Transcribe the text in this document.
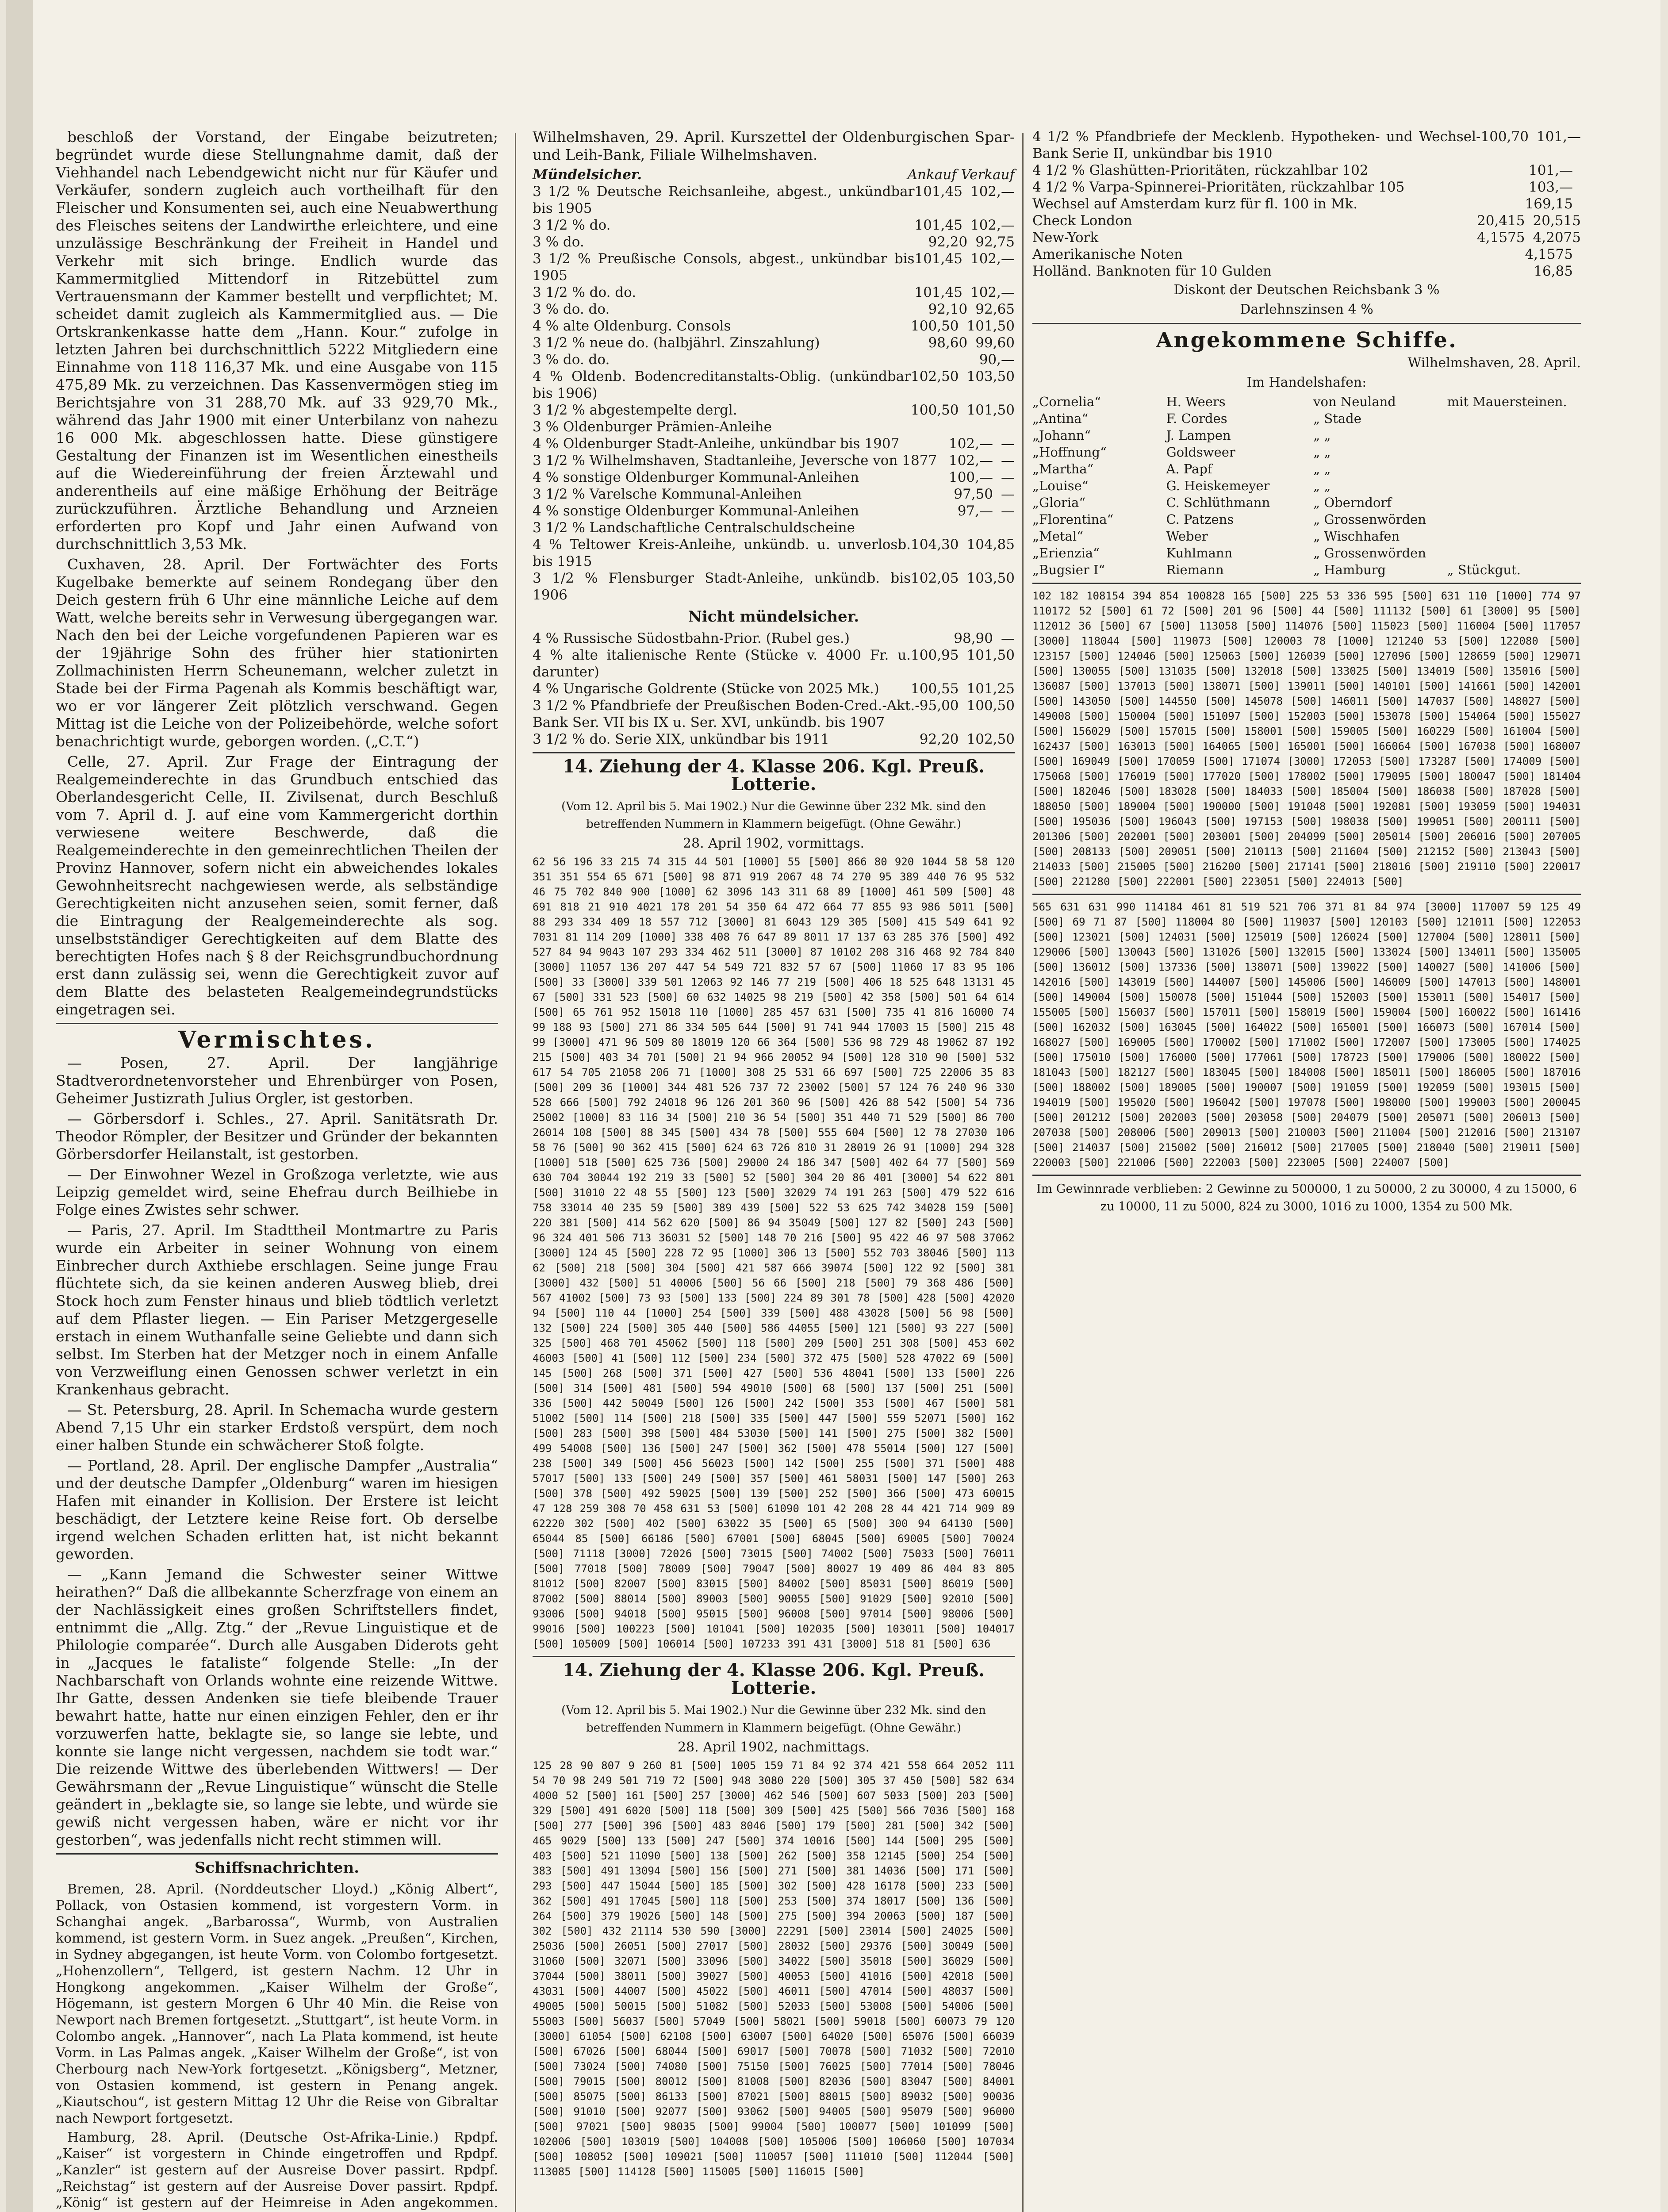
beschloß der Vorstand, der Eingabe beizutreten; begründet wurde diese Stellungnahme damit, daß der Viehhandel nach Lebendgewicht nicht nur für Käufer und Verkäufer, sondern zugleich auch vortheilhaft für den Fleischer und Konsumenten sei, auch eine Neuabwerthung des Fleisches seitens der Landwirthe erleichtere, und eine unzulässige Beschränkung der Freiheit in Handel und Verkehr mit sich bringe. Endlich wurde das Kammermitglied Mittendorf in Ritzebüttel zum Vertrauensmann der Kammer bestellt und verpflichtet; M. scheidet damit zugleich als Kammermitglied aus. — Die Ortskrankenkasse hatte dem „Hann. Kour.“ zufolge in letzten Jahren bei durchschnittlich 5222 Mitgliedern eine Einnahme von 118 116,37 Mk. und eine Ausgabe von 115 475,89 Mk. zu verzeichnen. Das Kassenvermögen stieg im Berichtsjahre von 31 288,70 Mk. auf 33 929,70 Mk., während das Jahr 1900 mit einer Unterbilanz von nahezu 16 000 Mk. abgeschlossen hatte. Diese günstigere Gestaltung der Finanzen ist im Wesentlichen einestheils auf die Wiedereinführung der freien Ärztewahl und anderentheils auf eine mäßige Erhöhung der Beiträge zurückzuführen. Ärztliche Behandlung und Arzneien erforderten pro Kopf und Jahr einen Aufwand von durchschnittlich 3,53 Mk.

Cuxhaven, 28. April. Der Fortwächter des Forts Kugelbake bemerkte auf seinem Rondegang über den Deich gestern früh 6 Uhr eine männliche Leiche auf dem Watt, welche bereits sehr in Verwesung übergegangen war. Nach den bei der Leiche vorgefundenen Papieren war es der 19jährige Sohn des früher hier stationirten Zollmachinisten Herrn Scheunemann, welcher zuletzt in Stade bei der Firma Pagenah als Kommis beschäftigt war, wo er vor längerer Zeit plötzlich verschwand. Gegen Mittag ist die Leiche von der Polizeibehörde, welche sofort benachrichtigt wurde, geborgen worden. („C.T.“)

Celle, 27. April. Zur Frage der Eintragung der Realgemeinderechte in das Grundbuch entschied das Oberlandesgericht Celle, II. Zivilsenat, durch Beschluß vom 7. April d. J. auf eine vom Kammergericht dorthin verwiesene weitere Beschwerde, daß die Realgemeinderechte in den gemeinrechtlichen Theilen der Provinz Hannover, sofern nicht ein abweichendes lokales Gewohnheitsrecht nachgewiesen werde, als selbständige Gerechtigkeiten nicht anzusehen seien, somit ferner, daß die Eintragung der Realgemeinderechte als sog. unselbstständiger Gerechtigkeiten auf dem Blatte des berechtigten Hofes nach § 8 der Reichsgrundbuchordnung erst dann zulässig sei, wenn die Gerechtigkeit zuvor auf dem Blatte des belasteten Realgemeindegrundstücks eingetragen sei.

Vermischtes.

— Posen, 27. April. Der langjährige Stadtverordnetenvorsteher und Ehrenbürger von Posen, Geheimer Justizrath Julius Orgler, ist gestorben.

— Görbersdorf i. Schles., 27. April. Sanitätsrath Dr. Theodor Römpler, der Besitzer und Gründer der bekannten Görbersdorfer Heilanstalt, ist gestorben.

— Der Einwohner Wezel in Großzoga verletzte, wie aus Leipzig gemeldet wird, seine Ehefrau durch Beilhiebe in Folge eines Zwistes sehr schwer.

— Paris, 27. April. Im Stadttheil Montmartre zu Paris wurde ein Arbeiter in seiner Wohnung von einem Einbrecher durch Axthiebe erschlagen. Seine junge Frau flüchtete sich, da sie keinen anderen Ausweg blieb, drei Stock hoch zum Fenster hinaus und blieb tödtlich verletzt auf dem Pflaster liegen. — Ein Pariser Metzgergeselle erstach in einem Wuthanfalle seine Geliebte und dann sich selbst. Im Sterben hat der Metzger noch in einem Anfalle von Verzweiflung einen Genossen schwer verletzt in ein Krankenhaus gebracht.

— St. Petersburg, 28. April. In Schemacha wurde gestern Abend 7,15 Uhr ein starker Erdstoß verspürt, dem noch einer halben Stunde ein schwächerer Stoß folgte.

— Portland, 28. April. Der englische Dampfer „Australia“ und der deutsche Dampfer „Oldenburg“ waren im hiesigen Hafen mit einander in Kollision. Der Erstere ist leicht beschädigt, der Letztere keine Reise fort. Ob derselbe irgend welchen Schaden erlitten hat, ist nicht bekannt geworden.

— „Kann Jemand die Schwester seiner Wittwe heirathen?“ Daß die allbekannte Scherzfrage von einem an der Nachlässigkeit eines großen Schriftstellers findet, entnimmt die „Allg. Ztg.“ der „Revue Linguistique et de Philologie comparée“. Durch alle Ausgaben Diderots geht in „Jacques le fataliste“ folgende Stelle: „In der Nachbarschaft von Orlands wohnte eine reizende Wittwe. Ihr Gatte, dessen Andenken sie tiefe bleibende Trauer bewahrt hatte, hatte nur einen einzigen Fehler, den er ihr vorzuwerfen hatte, beklagte sie, so lange sie lebte, und konnte sie lange nicht vergessen, nachdem sie todt war.“ Die reizende Wittwe des überlebenden Wittwers! — Der Gewährsmann der „Revue Linguistique“ wünscht die Stelle geändert in „beklagte sie, so lange sie lebte, und würde sie gewiß nicht vergessen haben, wäre er nicht vor ihr gestorben“, was jedenfalls nicht recht stimmen will.

Schiffsnachrichten.

Bremen, 28. April. (Norddeutscher Lloyd.) „König Albert“, Pollack, von Ostasien kommend, ist vorgestern Vorm. in Schanghai angek. „Barbarossa“, Wurmb, von Australien kommend, ist gestern Vorm. in Suez angek. „Preußen“, Kirchen, in Sydney abgegangen, ist heute Vorm. von Colombo fortgesetzt. „Hohenzollern“, Tellgerd, ist gestern Nachm. 12 Uhr in Hongkong angekommen. „Kaiser Wilhelm der Große“, Högemann, ist gestern Morgen 6 Uhr 40 Min. die Reise von Newport nach Bremen fortgesetzt. „Stuttgart“, ist heute Vorm. in Colombo angek. „Hannover“, nach La Plata kommend, ist heute Vorm. in Las Palmas angek. „Kaiser Wilhelm der Große“, ist von Cherbourg nach New-York fortgesetzt. „Königsberg“, Metzner, von Ostasien kommend, ist gestern in Penang angek. „Kiautschou“, ist gestern Mittag 12 Uhr die Reise von Gibraltar nach Newport fortgesetzt.

Hamburg, 28. April. (Deutsche Ost-Afrika-Linie.) Rpdpf. „Kaiser“ ist vorgestern in Chinde eingetroffen und Rpdpf. „Kanzler“ ist gestern auf der Ausreise Dover passirt. Rpdpf. „Reichstag“ ist gestern auf der Ausreise Dover passirt. Rpdpf. „König“ ist gestern auf der Heimreise in Aden angekommen.

Wilhelmshaven, 29. April. Kurszettel der Oldenburgischen Spar- und Leih-Bank, Filiale Wilhelmshaven.

Mündelsicher.	Ankauf Verkauf
3 1/2 % Deutsche Reichsanleihe, abgest., unkündbar bis 1905
101,45 102,—
3 1/2 % do.	101,45 102,—
3 % do.	92,20 92,75
3 1/2 % Preußische Consols, abgest., unkündbar bis 1905
101,45 102,—
3 1/2 % do. do.	101,45 102,—
3 % do. do.	92,10 92,65
4 % alte Oldenburg. Consols	100,50 101,50
3 1/2 % neue do. (halbjährl. Zinszahlung)	98,60 99,60
3 % do. do.	90,—
4 % Oldenb. Bodencreditanstalts-Oblig. (unkündbar bis 1906)
102,50 103,50
3 1/2 % abgestempelte dergl.	100,50 101,50
3 % Oldenburger Prämien-Anleihe
4 % Oldenburger Stadt-Anleihe, unkündbar bis 1907	102,— —
3 1/2 % Wilhelmshaven, Stadtanleihe, Jeversche von 1877 102,— —
4 % sonstige Oldenburger Kommunal-Anleihen	100,— —
3 1/2 % Varelsche Kommunal-Anleihen	97,50 —
4 % sonstige Oldenburger Kommunal-Anleihen	97,— —
3 1/2 % Landschaftliche Centralschuldscheine
4 % Teltower Kreis-Anleihe, unkündb. u. unverlosb. bis 1915
104,30 104,85
3 1/2 % Flensburger Stadt-Anleihe, unkündb. bis 1906
102,05 103,50
Nicht mündelsicher.
4 % Russische Südostbahn-Prior. (Rubel ges.)	98,90 —
4 % alte italienische Rente (Stücke v. 4000 Fr. u. darunter)
100,95 101,50
4 % Ungarische Goldrente (Stücke von 2025 Mk.) 100,55 101,25
3 1/2 % Pfandbriefe der Preußischen Boden-Cred.-Akt.-Bank Ser. VII bis IX u. Ser. XVI, unkündb. bis 1907
95,00 100,50
3 1/2 % do. Serie XIX, unkündbar bis 1911	92,20 102,50
14. Ziehung der 4. Klasse 206. Kgl. Preuß. Lotterie.
(Vom 12. April bis 5. Mai 1902.) Nur die Gewinne über 232 Mk. sind den betreffenden Nummern in Klammern beigefügt. (Ohne Gewähr.)
28. April 1902, vormittags.
62 56 196 33 215 74 315 44 501 [1000] 55 [500] 866 80 920 1044 58 58 120 351 351 554 65 671 [500] 98 871 919 2067 48 74 270 95 389 440 76 95 532 46 75 702 840 900 [1000] 62 3096 143 311 68 89 [1000] 461 509 [500] 48 691 818 21 910 4021 178 201 54 350 64 472 664 77 855 93 986 5011 [500] 88 293 334 409 18 557 712 [3000] 81 6043 129 305 [500] 415 549 641 92 7031 81 114 209 [1000] 338 408 76 647 89 8011 17 137 63 285 376 [500] 492 527 84 94 9043 107 293 334 462 511 [3000] 87 10102 208 316 468 92 784 840 [3000] 11057 136 207 447 54 549 721 832 57 67 [500] 11060 17 83 95 106 [500] 33 [3000] 339 501 12063 92 146 77 219 [500] 406 18 525 648 13131 45 67 [500] 331 523 [500] 60 632 14025 98 219 [500] 42 358 [500] 501 64 614 [500] 65 761 952 15018 110 [1000] 285 457 631 [500] 735 41 816 16000 74 99 188 93 [500] 271 86 334 505 644 [500] 91 741 944 17003 15 [500] 215 48 99 [3000] 471 96 509 80 18019 120 66 364 [500] 536 98 729 48 19062 87 192 215 [500] 403 34 701 [500] 21 94 966 20052 94 [500] 128 310 90 [500] 532 617 54 705 21058 206 71 [1000] 308 25 531 66 697 [500] 725 22006 35 83 [500] 209 36 [1000] 344 481 526 737 72 23002 [500] 57 124 76 240 96 330 528 666 [500] 792 24018 96 126 201 360 96 [500] 426 88 542 [500] 54 736 25002 [1000] 83 116 34 [500] 210 36 54 [500] 351 440 71 529 [500] 86 700 26014 108 [500] 88 345 [500] 434 78 [500] 555 604 [500] 12 78 27030 106 58 76 [500] 90 362 415 [500] 624 63 726 810 31 28019 26 91 [1000] 294 328 [1000] 518 [500] 625 736 [500] 29000 24 186 347 [500] 402 64 77 [500] 569 630 704 30044 192 219 33 [500] 52 [500] 304 20 86 401 [3000] 54 622 801 [500] 31010 22 48 55 [500] 123 [500] 32029 74 191 263 [500] 479 522 616 758 33014 40 235 59 [500] 389 439 [500] 522 53 625 742 34028 159 [500] 220 381 [500] 414 562 620 [500] 86 94 35049 [500] 127 82 [500] 243 [500] 96 324 401 506 713 36031 52 [500] 148 70 216 [500] 95 422 46 97 508 37062 [3000] 124 45 [500] 228 72 95 [1000] 306 13 [500] 552 703 38046 [500] 113 62 [500] 218 [500] 304 [500] 421 587 666 39074 [500] 122 92 [500] 381 [3000] 432 [500] 51 40006 [500] 56 66 [500] 218 [500] 79 368 486 [500] 567 41002 [500] 73 93 [500] 133 [500] 224 89 301 78 [500] 428 [500] 42020 94 [500] 110 44 [1000] 254 [500] 339 [500] 488 43028 [500] 56 98 [500] 132 [500] 224 [500] 305 440 [500] 586 44055 [500] 121 [500] 93 227 [500] 325 [500] 468 701 45062 [500] 118 [500] 209 [500] 251 308 [500] 453 602 46003 [500] 41 [500] 112 [500] 234 [500] 372 475 [500] 528 47022 69 [500] 145 [500] 268 [500] 371 [500] 427 [500] 536 48041 [500] 133 [500] 226 [500] 314 [500] 481 [500] 594 49010 [500] 68 [500] 137 [500] 251 [500] 336 [500] 442 50049 [500] 126 [500] 242 [500] 353 [500] 467 [500] 581 51002 [500] 114 [500] 218 [500] 335 [500] 447 [500] 559 52071 [500] 162 [500] 283 [500] 398 [500] 484 53030 [500] 141 [500] 275 [500] 382 [500] 499 54008 [500] 136 [500] 247 [500] 362 [500] 478 55014 [500] 127 [500] 238 [500] 349 [500] 456 56023 [500] 142 [500] 255 [500] 371 [500] 488 57017 [500] 133 [500] 249 [500] 357 [500] 461 58031 [500] 147 [500] 263 [500] 378 [500] 492 59025 [500] 139 [500] 252 [500] 366 [500] 473 60015 47 128 259 308 70 458 631 53 [500] 61090 101 42 208 28 44 421 714 909 89 62220 302 [500] 402 [500] 63022 35 [500] 65 [500] 300 94 64130 [500] 65044 85 [500] 66186 [500] 67001 [500] 68045 [500] 69005 [500] 70024 [500] 71118 [3000] 72026 [500] 73015 [500] 74002 [500] 75033 [500] 76011 [500] 77018 [500] 78009 [500] 79047 [500] 80027 19 409 86 404 83 805 81012 [500] 82007 [500] 83015 [500] 84002 [500] 85031 [500] 86019 [500] 87002 [500] 88014 [500] 89003 [500] 90055 [500] 91029 [500] 92010 [500] 93006 [500] 94018 [500] 95015 [500] 96008 [500] 97014 [500] 98006 [500] 99016 [500] 100223 [500] 101041 [500] 102035 [500] 103011 [500] 104017 [500] 105009 [500] 106014 [500] 107233 391 431 [3000] 518 81 [500] 636
14. Ziehung der 4. Klasse 206. Kgl. Preuß. Lotterie.
(Vom 12. April bis 5. Mai 1902.) Nur die Gewinne über 232 Mk. sind den betreffenden Nummern in Klammern beigefügt. (Ohne Gewähr.)
28. April 1902, nachmittags.
125 28 90 807 9 260 81 [500] 1005 159 71 84 92 374 421 558 664 2052 111 54 70 98 249 501 719 72 [500] 948 3080 220 [500] 305 37 450 [500] 582 634 4000 52 [500] 161 [500] 257 [3000] 462 546 [500] 607 5033 [500] 203 [500] 329 [500] 491 6020 [500] 118 [500] 309 [500] 425 [500] 566 7036 [500] 168 [500] 277 [500] 396 [500] 483 8046 [500] 179 [500] 281 [500] 342 [500] 465 9029 [500] 133 [500] 247 [500] 374 10016 [500] 144 [500] 295 [500] 403 [500] 521 11090 [500] 138 [500] 262 [500] 358 12145 [500] 254 [500] 383 [500] 491 13094 [500] 156 [500] 271 [500] 381 14036 [500] 171 [500] 293 [500] 447 15044 [500] 185 [500] 302 [500] 428 16178 [500] 233 [500] 362 [500] 491 17045 [500] 118 [500] 253 [500] 374 18017 [500] 136 [500] 264 [500] 379 19026 [500] 148 [500] 275 [500] 394 20063 [500] 187 [500] 302 [500] 432 21114 530 590 [3000] 22291 [500] 23014 [500] 24025 [500] 25036 [500] 26051 [500] 27017 [500] 28032 [500] 29376 [500] 30049 [500] 31060 [500] 32071 [500] 33096 [500] 34022 [500] 35018 [500] 36029 [500] 37044 [500] 38011 [500] 39027 [500] 40053 [500] 41016 [500] 42018 [500] 43031 [500] 44007 [500] 45022 [500] 46011 [500] 47014 [500] 48037 [500] 49005 [500] 50015 [500] 51082 [500] 52033 [500] 53008 [500] 54006 [500] 55003 [500] 56037 [500] 57049 [500] 58021 [500] 59018 [500] 60073 79 120 [3000] 61054 [500] 62108 [500] 63007 [500] 64020 [500] 65076 [500] 66039 [500] 67026 [500] 68044 [500] 69017 [500] 70078 [500] 71032 [500] 72010 [500] 73024 [500] 74080 [500] 75150 [500] 76025 [500] 77014 [500] 78046 [500] 79015 [500] 80012 [500] 81008 [500] 82036 [500] 83047 [500] 84001 [500] 85075 [500] 86133 [500] 87021 [500] 88015 [500] 89032 [500] 90036 [500] 91010 [500] 92077 [500] 93062 [500] 94005 [500] 95079 [500] 96000 [500] 97021 [500] 98035 [500] 99004 [500] 100077 [500] 101099 [500] 102006 [500] 103019 [500] 104008 [500] 105006 [500] 106060 [500] 107034 [500] 108052 [500] 109021 [500] 110057 [500] 111010 [500] 112044 [500] 113085 [500] 114128 [500] 115005 [500] 116015 [500]
4 1/2 % Pfandbriefe der Mecklenb. Hypotheken- und Wechsel-Bank Serie II, unkündbar bis 1910
100,70 101,—
4 1/2 % Glashütten-Prioritäten, rückzahlbar 102	101,—
4 1/2 % Varpa-Spinnerei-Prioritäten, rückzahlbar 105	103,—
Wechsel auf Amsterdam kurz für fl. 100 in Mk.	169,15
Check London	20,415 20,515
New-York	4,1575 4,2075
Amerikanische Noten	4,1575
Holländ. Banknoten für 10 Gulden	16,85
Diskont der Deutschen Reichsbank 3 %
Darlehnszinsen 4 %
Angekommene Schiffe.
Wilhelmshaven, 28. April.
Im Handelshafen:
„Cornelia“	H. Weers	von Neuland	mit Mauersteinen.
„Antina“	F. Cordes	„ Stade
„Johann“	J. Lampen	„ „
„Hoffnung“	Goldsweer	„ „
„Martha“	A. Papf	„ „
„Louise“	G. Heiskemeyer	„ „
„Gloria“	C. Schlüthmann	„ Oberndorf
„Florentina“	C. Patzens	„ Grossenwörden
„Metal“	Weber	„ Wischhafen
„Erienzia“	Kuhlmann	„ Grossenwörden
„Bugsier I“	Riemann	„ Hamburg	„ Stückgut.
102 182 108154 394 854 100828 165 [500] 225 53 336 595 [500] 631 110 [1000] 774 97 110172 52 [500] 61 72 [500] 201 96 [500] 44 [500] 111132 [500] 61 [3000] 95 [500] 112012 36 [500] 67 [500] 113058 [500] 114076 [500] 115023 [500] 116004 [500] 117057 [3000] 118044 [500] 119073 [500] 120003 78 [1000] 121240 53 [500] 122080 [500] 123157 [500] 124046 [500] 125063 [500] 126039 [500] 127096 [500] 128659 [500] 129071 [500] 130055 [500] 131035 [500] 132018 [500] 133025 [500] 134019 [500] 135016 [500] 136087 [500] 137013 [500] 138071 [500] 139011 [500] 140101 [500] 141661 [500] 142001 [500] 143050 [500] 144550 [500] 145078 [500] 146011 [500] 147037 [500] 148027 [500] 149008 [500] 150004 [500] 151097 [500] 152003 [500] 153078 [500] 154064 [500] 155027 [500] 156029 [500] 157015 [500] 158001 [500] 159005 [500] 160229 [500] 161004 [500] 162437 [500] 163013 [500] 164065 [500] 165001 [500] 166064 [500] 167038 [500] 168007 [500] 169049 [500] 170059 [500] 171074 [3000] 172053 [500] 173287 [500] 174009 [500] 175068 [500] 176019 [500] 177020 [500] 178002 [500] 179095 [500] 180047 [500] 181404 [500] 182046 [500] 183028 [500] 184033 [500] 185004 [500] 186038 [500] 187028 [500] 188050 [500] 189004 [500] 190000 [500] 191048 [500] 192081 [500] 193059 [500] 194031 [500] 195036 [500] 196043 [500] 197153 [500] 198038 [500] 199051 [500] 200111 [500] 201306 [500] 202001 [500] 203001 [500] 204099 [500] 205014 [500] 206016 [500] 207005 [500] 208133 [500] 209051 [500] 210113 [500] 211604 [500] 212152 [500] 213043 [500] 214033 [500] 215005 [500] 216200 [500] 217141 [500] 218016 [500] 219110 [500] 220017 [500] 221280 [500] 222001 [500] 223051 [500] 224013 [500]
565 631 631 990 114184 461 81 519 521 706 371 81 84 974 [3000] 117007 59 125 49 [500] 69 71 87 [500] 118004 80 [500] 119037 [500] 120103 [500] 121011 [500] 122053 [500] 123021 [500] 124031 [500] 125019 [500] 126024 [500] 127004 [500] 128011 [500] 129006 [500] 130043 [500] 131026 [500] 132015 [500] 133024 [500] 134011 [500] 135005 [500] 136012 [500] 137336 [500] 138071 [500] 139022 [500] 140027 [500] 141006 [500] 142016 [500] 143019 [500] 144007 [500] 145006 [500] 146009 [500] 147013 [500] 148001 [500] 149004 [500] 150078 [500] 151044 [500] 152003 [500] 153011 [500] 154017 [500] 155005 [500] 156037 [500] 157011 [500] 158019 [500] 159004 [500] 160022 [500] 161416 [500] 162032 [500] 163045 [500] 164022 [500] 165001 [500] 166073 [500] 167014 [500] 168027 [500] 169005 [500] 170002 [500] 171002 [500] 172007 [500] 173005 [500] 174025 [500] 175010 [500] 176000 [500] 177061 [500] 178723 [500] 179006 [500] 180022 [500] 181043 [500] 182127 [500] 183045 [500] 184008 [500] 185011 [500] 186005 [500] 187016 [500] 188002 [500] 189005 [500] 190007 [500] 191059 [500] 192059 [500] 193015 [500] 194019 [500] 195020 [500] 196042 [500] 197078 [500] 198000 [500] 199003 [500] 200045 [500] 201212 [500] 202003 [500] 203058 [500] 204079 [500] 205071 [500] 206013 [500] 207038 [500] 208006 [500] 209013 [500] 210003 [500] 211004 [500] 212016 [500] 213107 [500] 214037 [500] 215002 [500] 216012 [500] 217005 [500] 218040 [500] 219011 [500] 220003 [500] 221006 [500] 222003 [500] 223005 [500] 224007 [500]
Im Gewinnrade verblieben: 2 Gewinne zu 500000, 1 zu 50000, 2 zu 30000, 4 zu 15000, 6 zu 10000, 11 zu 5000, 824 zu 3000, 1016 zu 1000, 1354 zu 500 Mk.
